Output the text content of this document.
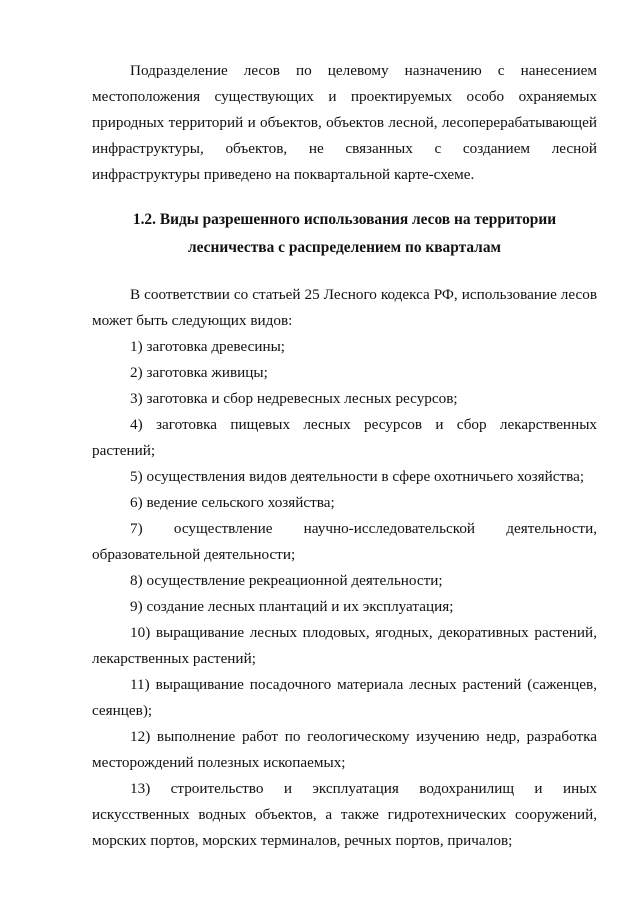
Подразделение лесов по целевому назначению с нанесением местоположения существующих и проектируемых особо охраняемых природных территорий и объектов, объектов лесной, лесоперерабатывающей инфраструктуры, объектов, не связанных с созданием лесной инфраструктуры приведено на поквартальной карте-схеме.

1.2. Виды разрешенного использования лесов на территории
лесничества с распределением по кварталам

В соответствии со статьей 25 Лесного кодекса РФ, использование лесов может быть следующих видов:

1) заготовка древесины;
2) заготовка живицы;
3) заготовка и сбор недревесных лесных ресурсов;
4) заготовка пищевых лесных ресурсов и сбор лекарственных растений;
5) осуществления видов деятельности в сфере охотничьего хозяйства;
6) ведение сельского хозяйства;
7) осуществление научно-исследовательской деятельности, образовательной деятельности;
8) осуществление рекреационной деятельности;
9) создание лесных плантаций и их эксплуатация;
10) выращивание лесных плодовых, ягодных, декоративных растений, лекарственных растений;
11) выращивание посадочного материала лесных растений (саженцев, сеянцев);
12) выполнение работ по геологическому изучению недр, разработка месторождений полезных ископаемых;
13) строительство и эксплуатация водохранилищ и иных искусственных водных объектов, а также гидротехнических сооружений, морских портов, морских терминалов, речных портов, причалов;
